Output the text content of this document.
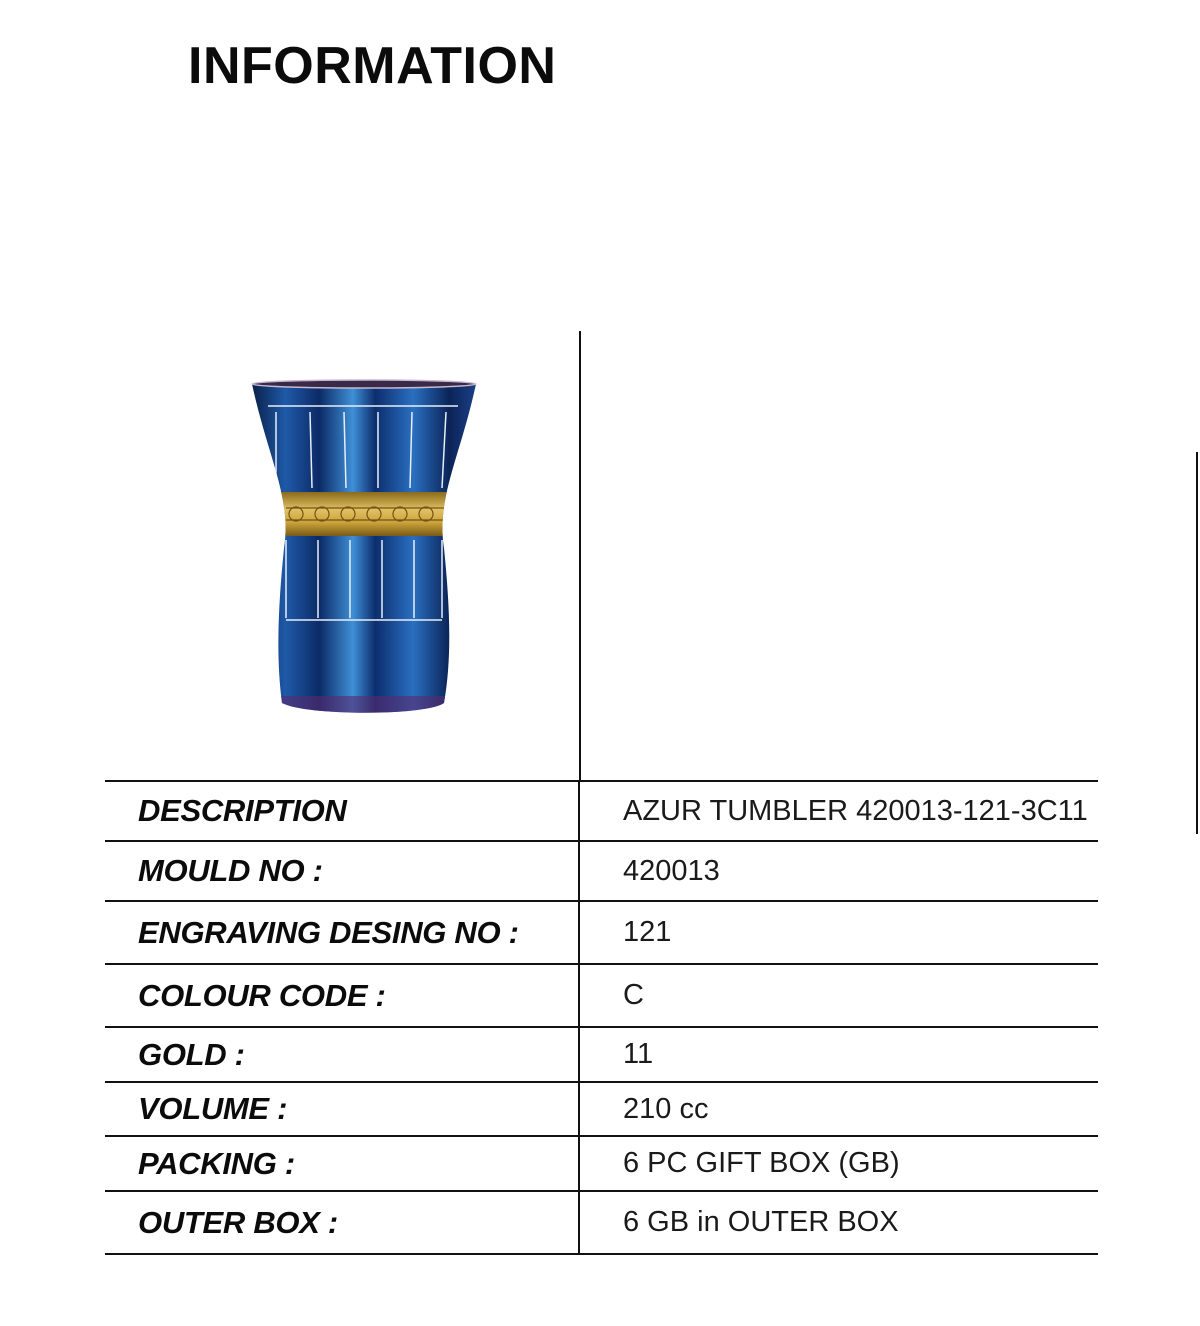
INFORMATION
DESCRIPTION	AZUR TUMBLER 420013-121-3C11
MOULD NO :	420013
ENGRAVING DESING NO :	121
COLOUR CODE :	C
GOLD :	11
VOLUME :	210 cc
PACKING :	6 PC GIFT BOX (GB)
OUTER BOX :	6 GB in OUTER BOX
